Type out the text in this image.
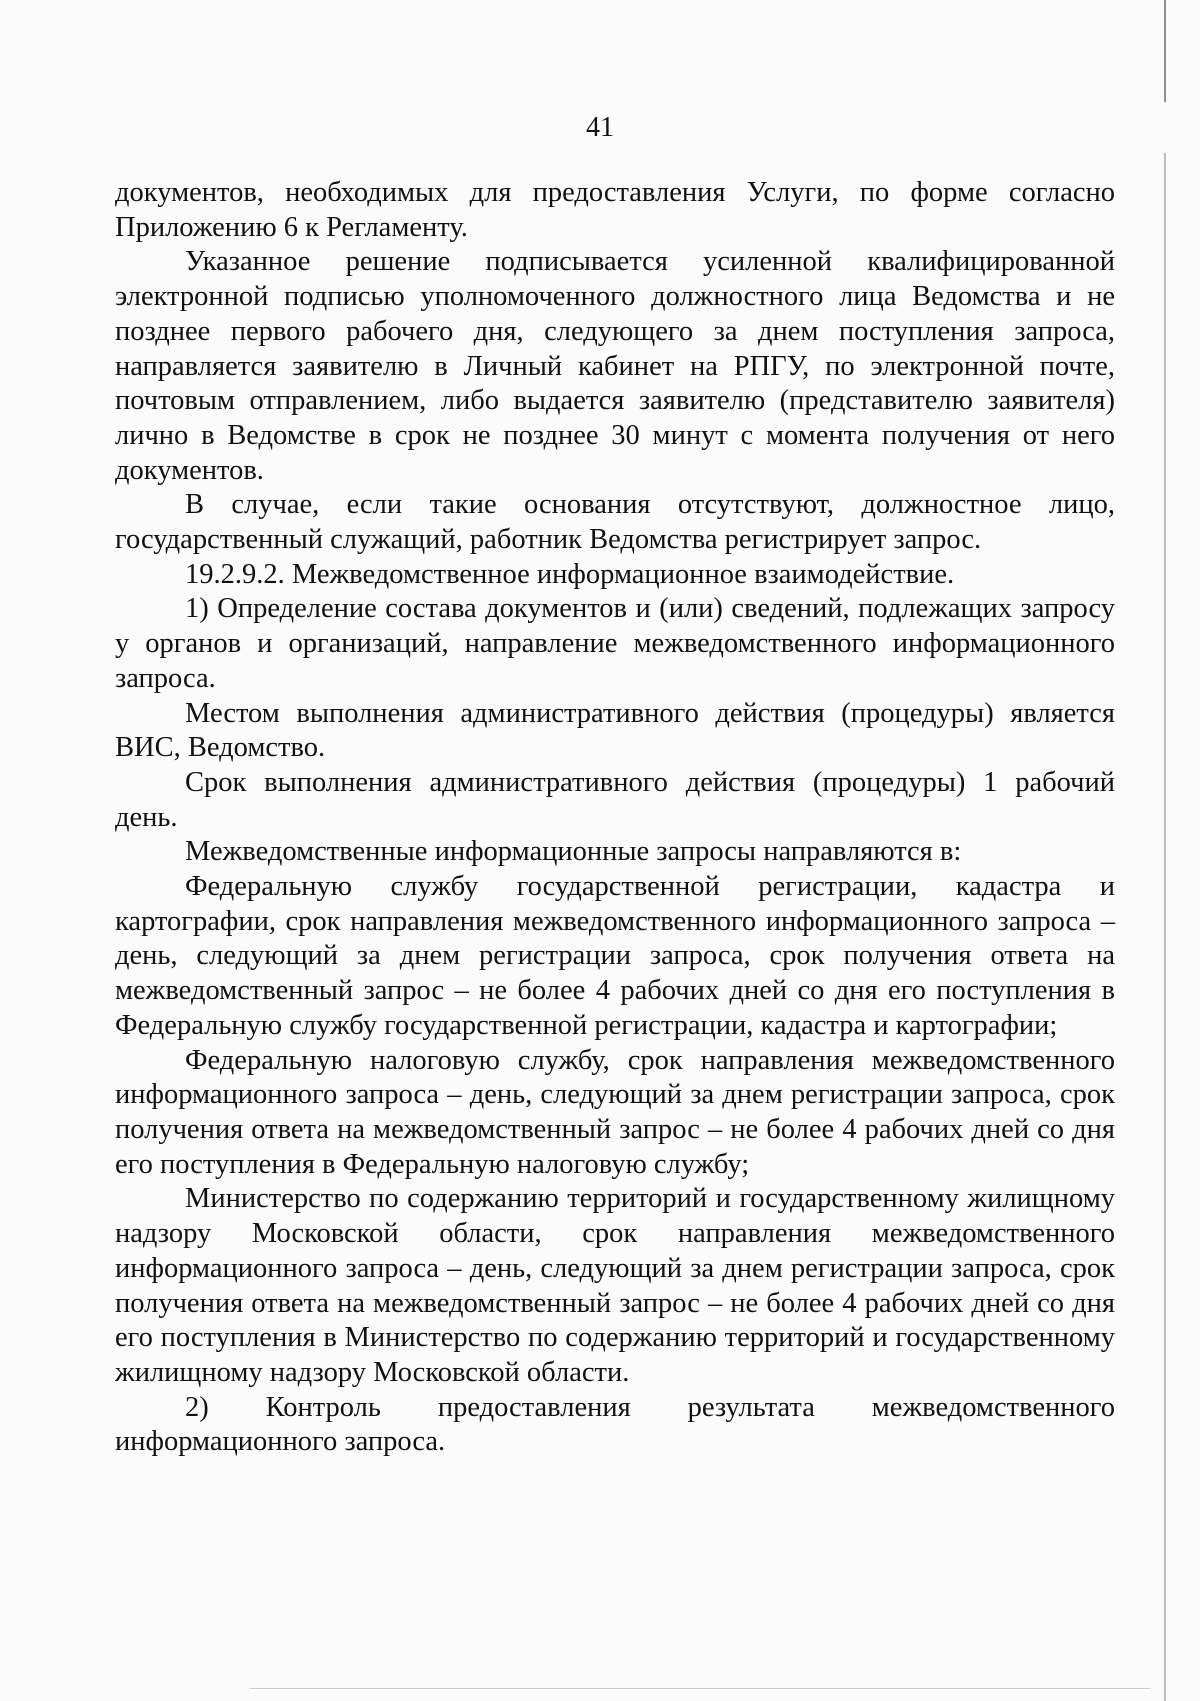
41

документов, необходимых для предоставления Услуги, по форме согласно Приложению 6 к Регламенту.

Указанное решение подписывается усиленной квалифицированной электронной подписью уполномоченного должностного лица Ведомства и не позднее первого рабочего дня, следующего за днем поступления запроса, направляется заявителю в Личный кабинет на РПГУ, по электронной почте, почтовым отправлением, либо выдается заявителю (представителю заявителя) лично в Ведомстве в срок не позднее 30 минут с момента получения от него документов.

В случае, если такие основания отсутствуют, должностное лицо, государственный служащий, работник Ведомства регистрирует запрос.

19.2.9.2. Межведомственное информационное взаимодействие.

1) Определение состава документов и (или) сведений, подлежащих запросу у органов и организаций, направление межведомственного информационного запроса.

Местом выполнения административного действия (процедуры) является ВИС, Ведомство.

Срок выполнения административного действия (процедуры) 1 рабочий день.

Межведомственные информационные запросы направляются в:

Федеральную службу государственной регистрации, кадастра и картографии, срок направления межведомственного информационного запроса – день, следующий за днем регистрации запроса, срок получения ответа на межведомственный запрос – не более 4 рабочих дней со дня его поступления в Федеральную службу государственной регистрации, кадастра и картографии;

Федеральную налоговую службу, срок направления межведомственного информационного запроса – день, следующий за днем регистрации запроса, срок получения ответа на межведомственный запрос – не более 4 рабочих дней со дня его поступления в Федеральную налоговую службу;

Министерство по содержанию территорий и государственному жилищному надзору Московской области, срок направления межведомственного информационного запроса – день, следующий за днем регистрации запроса, срок получения ответа на межведомственный запрос – не более 4 рабочих дней со дня его поступления в Министерство по содержанию территорий и государственному жилищному надзору Московской области.

2) Контроль предоставления результата межведомственного информационного запроса.
